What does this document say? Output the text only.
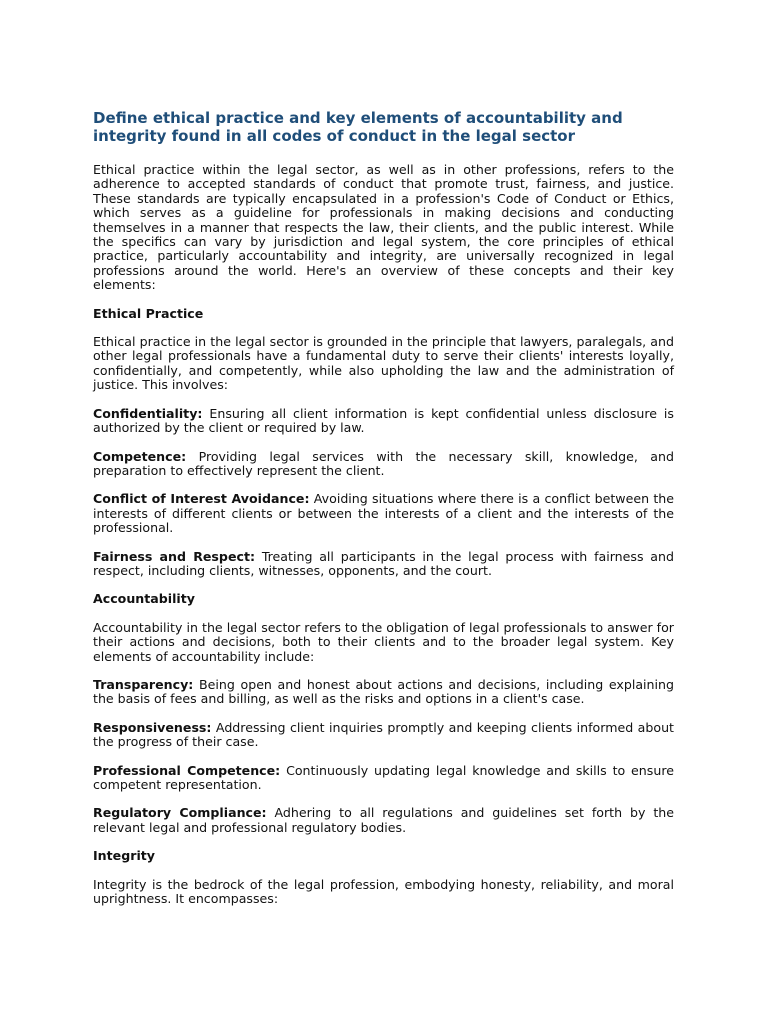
Define ethical practice and key elements of accountability and integrity found in all codes of conduct in the legal sector

Ethical practice within the legal sector, as well as in other professions, refers to the adherence to accepted standards of conduct that promote trust, fairness, and justice. These standards are typically encapsulated in a profession's Code of Conduct or Ethics, which serves as a guideline for professionals in making decisions and conducting themselves in a manner that respects the law, their clients, and the public interest. While the specifics can vary by jurisdiction and legal system, the core principles of ethical practice, particularly accountability and integrity, are universally recognized in legal professions around the world. Here's an overview of these concepts and their key elements:

Ethical Practice

Ethical practice in the legal sector is grounded in the principle that lawyers, paralegals, and other legal professionals have a fundamental duty to serve their clients' interests loyally, confidentially, and competently, while also upholding the law and the administration of justice. This involves:

Confidentiality: Ensuring all client information is kept confidential unless disclosure is authorized by the client or required by law.

Competence: Providing legal services with the necessary skill, knowledge, and preparation to effectively represent the client.

Conflict of Interest Avoidance: Avoiding situations where there is a conflict between the interests of different clients or between the interests of a client and the interests of the professional.

Fairness and Respect: Treating all participants in the legal process with fairness and respect, including clients, witnesses, opponents, and the court.

Accountability

Accountability in the legal sector refers to the obligation of legal professionals to answer for their actions and decisions, both to their clients and to the broader legal system. Key elements of accountability include:

Transparency: Being open and honest about actions and decisions, including explaining the basis of fees and billing, as well as the risks and options in a client's case.

Responsiveness: Addressing client inquiries promptly and keeping clients informed about the progress of their case.

Professional Competence: Continuously updating legal knowledge and skills to ensure competent representation.

Regulatory Compliance: Adhering to all regulations and guidelines set forth by the relevant legal and professional regulatory bodies.

Integrity

Integrity is the bedrock of the legal profession, embodying honesty, reliability, and moral uprightness. It encompasses:
